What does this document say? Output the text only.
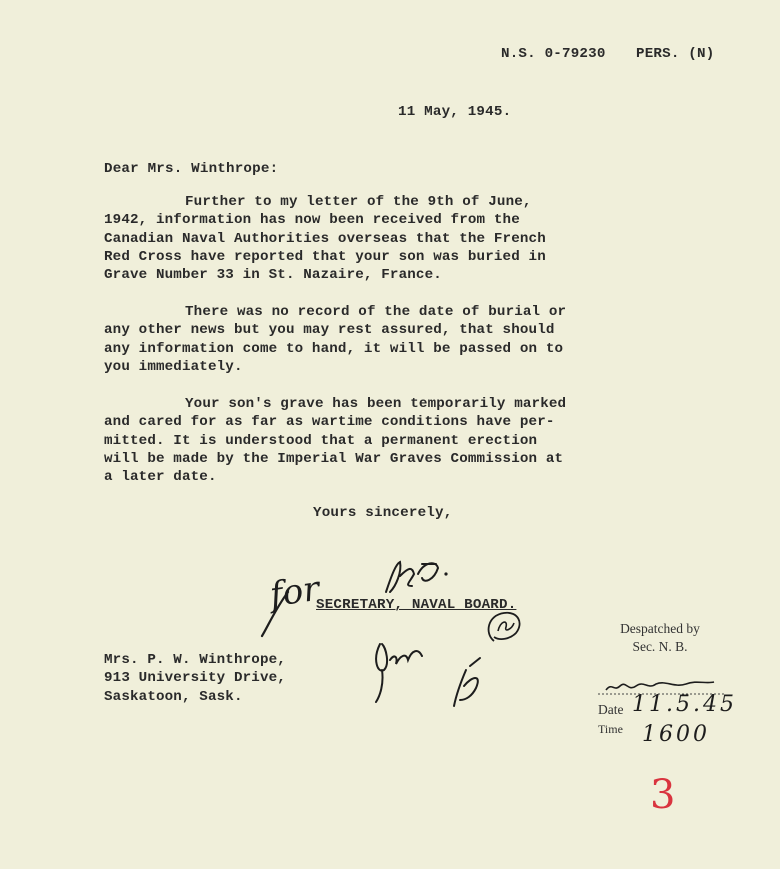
N.S. 0-79230 PERS. (N)
11 May, 1945.
Dear Mrs. Winthrope:
Further to my letter of the 9th of June,
1942, information has now been received from the
Canadian Naval Authorities overseas that the French
Red Cross have reported that your son was buried in
Grave Number 33 in St. Nazaire, France.
There was no record of the date of burial or
any other news but you may rest assured, that should
any information come to hand, it will be passed on to
you immediately.
Your son's grave has been temporarily marked
and cared for as far as wartime conditions have per-
mitted. It is understood that a permanent erection
will be made by the Imperial War Graves Commission at
a later date.
Yours sincerely,
for
SECRETARY, NAVAL BOARD.
Mrs. P. W. Winthrope,
913 University Drive,
Saskatoon, Sask.
Despatched by
Sec. N. B.
Date 11.5.45
Time 1600
3
